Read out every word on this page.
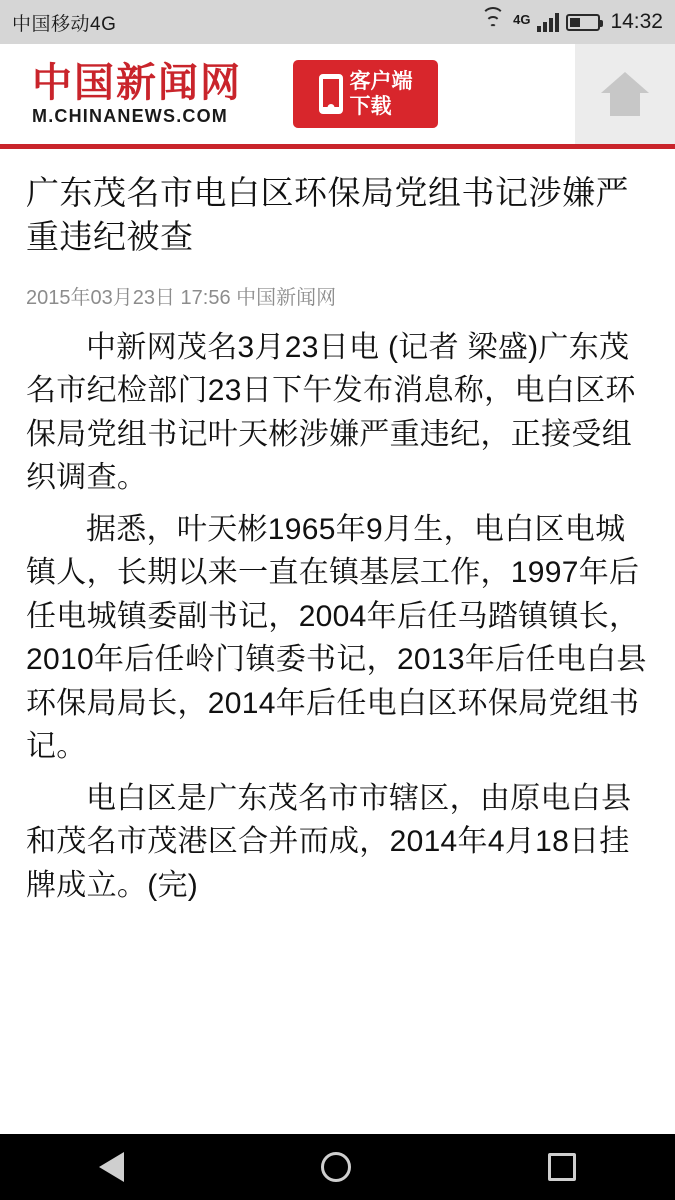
中国移动4G	4G	14:32
中国新闻网
M.CHINANEWS.COM
客户端
下载
广东茂名市电白区环保局党组书记涉嫌严重违纪被查
2015年03月23日 17:56 中国新闻网

中新网茂名3月23日电 (记者 梁盛)广东茂名市纪检部门23日下午发布消息称，电白区环保局党组书记叶天彬涉嫌严重违纪，正接受组织调查。

据悉，叶天彬1965年9月生，电白区电城镇人，长期以来一直在镇基层工作，1997年后任电城镇委副书记，2004年后任马踏镇镇长，2010年后任岭门镇委书记，2013年后任电白县环保局局长，2014年后任电白区环保局党组书记。

电白区是广东茂名市市辖区，由原电白县和茂名市茂港区合并而成，2014年4月18日挂牌成立。(完)
